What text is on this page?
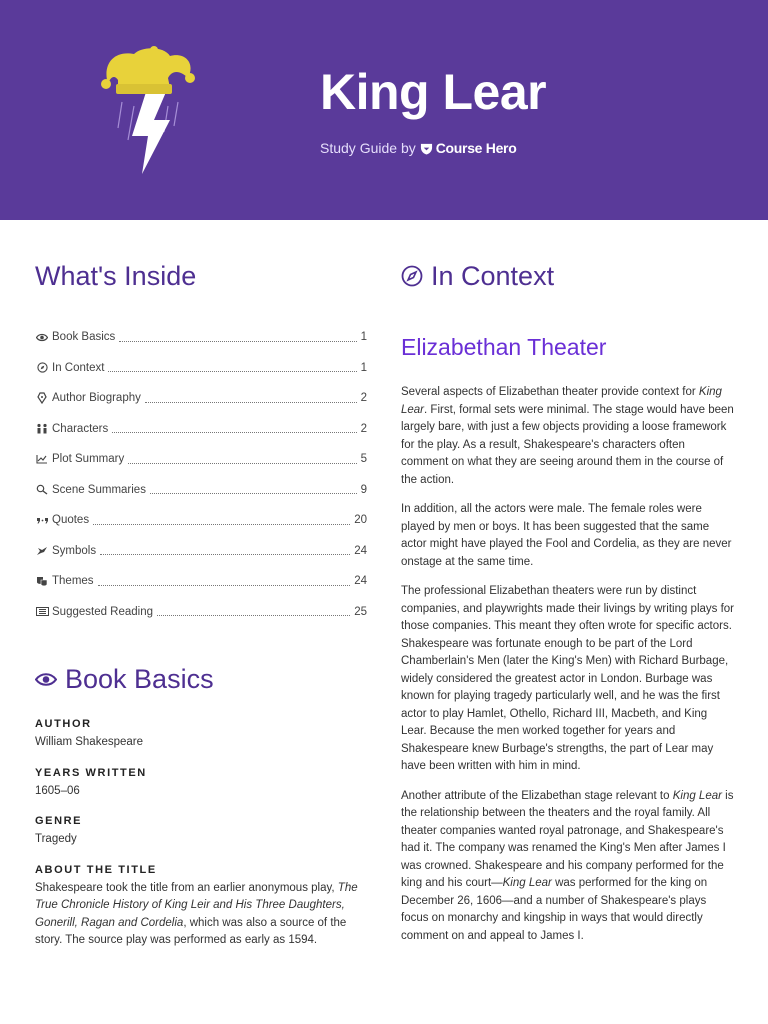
King Lear
Study Guide by Course Hero
What's Inside
Book Basics	1
In Context	1
Author Biography	2
Characters	2
Plot Summary	5
Scene Summaries	9
Quotes	20
Symbols	24
Themes	24
Suggested Reading	25
Book Basics
AUTHOR
William Shakespeare
YEARS WRITTEN
1605–06
GENRE
Tragedy
ABOUT THE TITLE
Shakespeare took the title from an earlier anonymous play, The True Chronicle History of King Leir and His Three Daughters, Gonerill, Ragan and Cordelia, which was also a source of the story. The source play was performed as early as 1594.
In Context
Elizabethan Theater

Several aspects of Elizabethan theater provide context for King Lear. First, formal sets were minimal. The stage would have been largely bare, with just a few objects providing a loose framework for the play. As a result, Shakespeare's characters often comment on what they are seeing around them in the course of the action.

In addition, all the actors were male. The female roles were played by men or boys. It has been suggested that the same actor might have played the Fool and Cordelia, as they are never onstage at the same time.

The professional Elizabethan theaters were run by distinct companies, and playwrights made their livings by writing plays for those companies. This meant they often wrote for specific actors. Shakespeare was fortunate enough to be part of the Lord Chamberlain's Men (later the King's Men) with Richard Burbage, widely considered the greatest actor in London. Burbage was known for playing tragedy particularly well, and he was the first actor to play Hamlet, Othello, Richard III, Macbeth, and King Lear. Because the men worked together for years and Shakespeare knew Burbage's strengths, the part of Lear may have been written with him in mind.

Another attribute of the Elizabethan stage relevant to King Lear is the relationship between the theaters and the royal family. All theater companies wanted royal patronage, and Shakespeare's had it. The company was renamed the King's Men after James I was crowned. Shakespeare and his company performed for the king and his court—King Lear was performed for the king on December 26, 1606—and a number of Shakespeare's plays focus on monarchy and kingship in ways that would directly comment on and appeal to James I.
